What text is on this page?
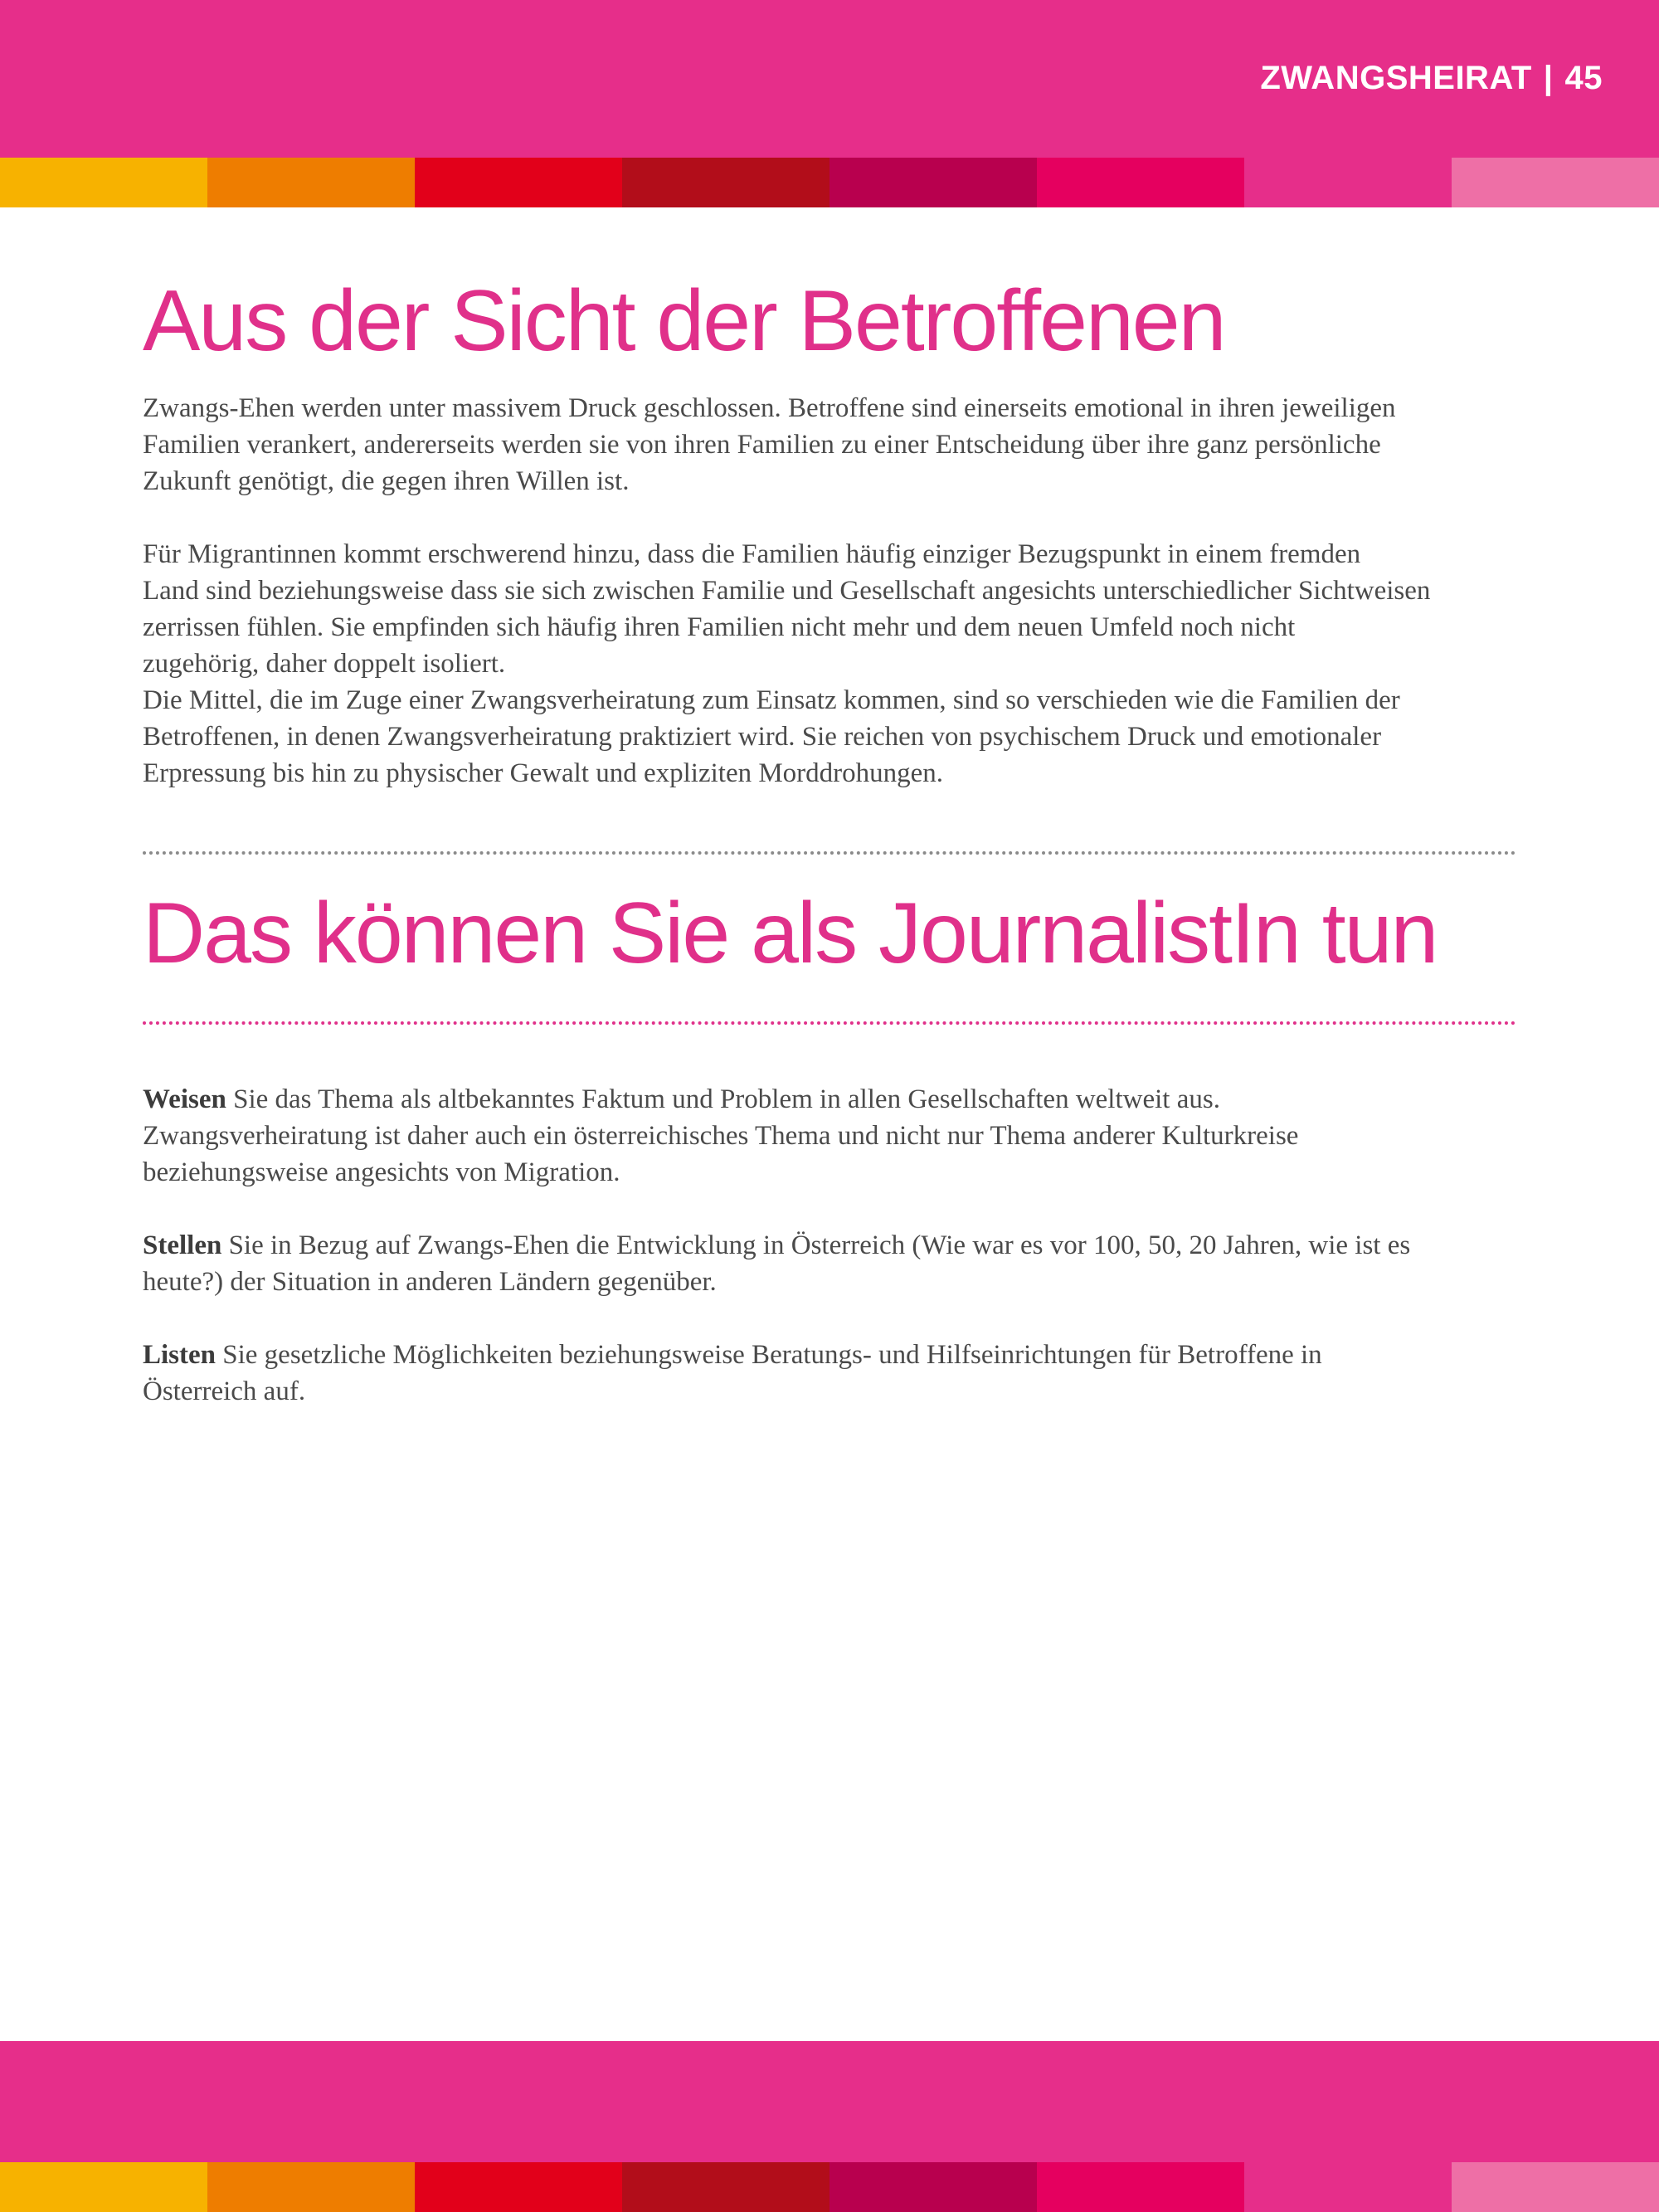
ZWANGSHEIRAT | 45
Aus der Sicht der Betroffenen

Zwangs-Ehen werden unter massivem Druck geschlossen. Betroffene sind einerseits emotional in ihren jeweiligen
Familien verankert, andererseits werden sie von ihren Familien zu einer Entscheidung über ihre ganz persönliche
Zukunft genötigt, die gegen ihren Willen ist.

Für Migrantinnen kommt erschwerend hinzu, dass die Familien häufig einziger Bezugspunkt in einem fremden
Land sind beziehungsweise dass sie sich zwischen Familie und Gesellschaft angesichts unterschiedlicher Sichtweisen
zerrissen fühlen. Sie empfinden sich häufig ihren Familien nicht mehr und dem neuen Umfeld noch nicht
zugehörig, daher doppelt isoliert.
Die Mittel, die im Zuge einer Zwangsverheiratung zum Einsatz kommen, sind so verschieden wie die Familien der
Betroffenen, in denen Zwangsverheiratung praktiziert wird. Sie reichen von psychischem Druck und emotionaler
Erpressung bis hin zu physischer Gewalt und expliziten Morddrohungen.

Das können Sie als JournalistIn tun

Weisen Sie das Thema als altbekanntes Faktum und Problem in allen Gesellschaften weltweit aus.
Zwangsverheiratung ist daher auch ein österreichisches Thema und nicht nur Thema anderer Kulturkreise
beziehungsweise angesichts von Migration.

Stellen Sie in Bezug auf Zwangs-Ehen die Entwicklung in Österreich (Wie war es vor 100, 50, 20 Jahren, wie ist es
heute?) der Situation in anderen Ländern gegenüber.

Listen Sie gesetzliche Möglichkeiten beziehungsweise Beratungs- und Hilfseinrichtungen für Betroffene in
Österreich auf.
